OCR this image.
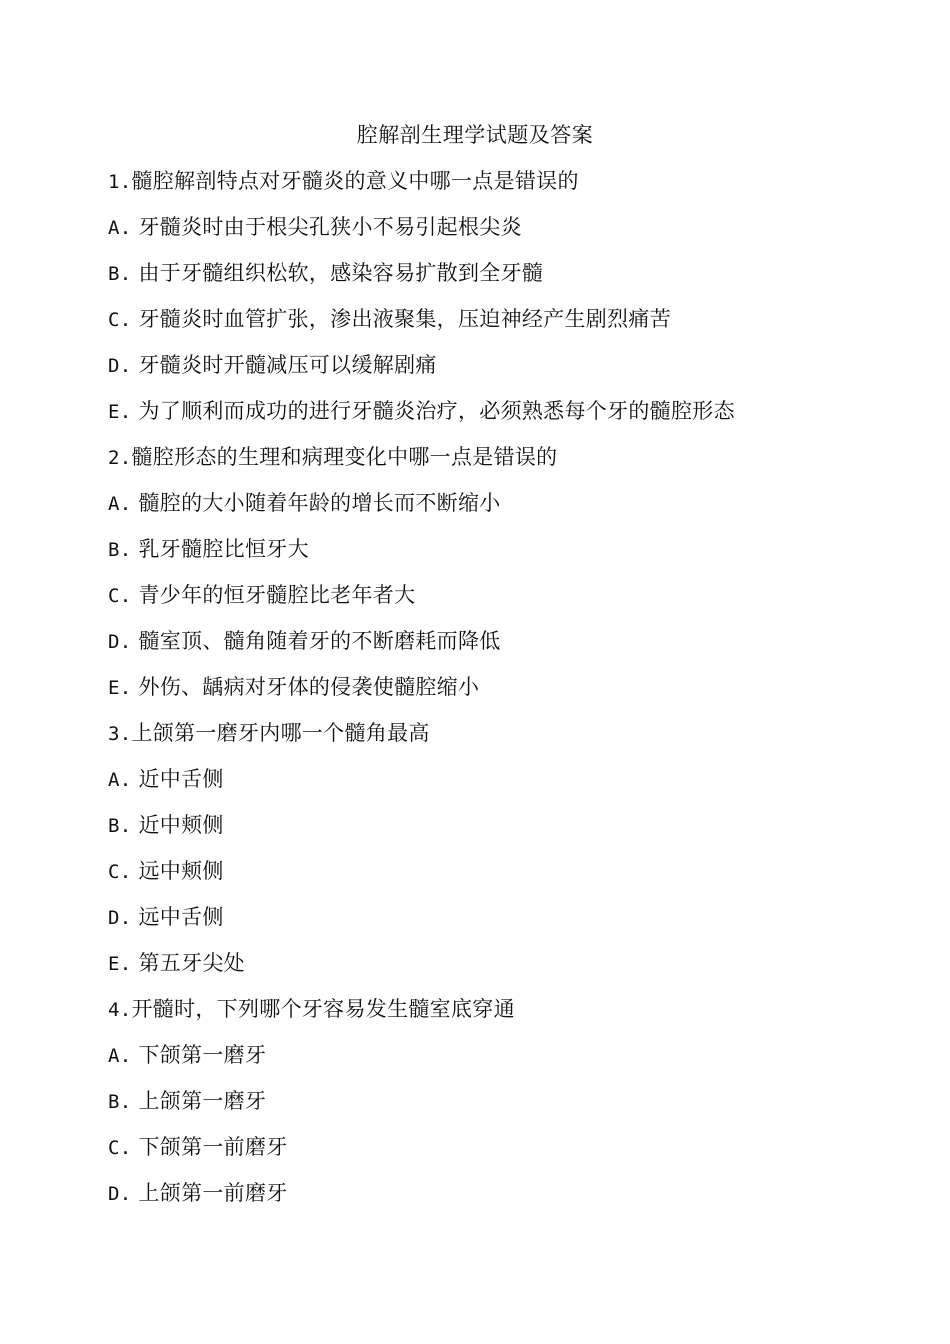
腔解剖生理学试题及答案
1.髓腔解剖特点对牙髓炎的意义中哪一点是错误的
A. 牙髓炎时由于根尖孔狭小不易引起根尖炎
B. 由于牙髓组织松软，感染容易扩散到全牙髓
C. 牙髓炎时血管扩张，渗出液聚集，压迫神经产生剧烈痛苦
D. 牙髓炎时开髓减压可以缓解剧痛
E. 为了顺利而成功的进行牙髓炎治疗，必须熟悉每个牙的髓腔形态
2.髓腔形态的生理和病理变化中哪一点是错误的
A. 髓腔的大小随着年龄的增长而不断缩小
B. 乳牙髓腔比恒牙大
C. 青少年的恒牙髓腔比老年者大
D. 髓室顶、髓角随着牙的不断磨耗而降低
E. 外伤、龋病对牙体的侵袭使髓腔缩小
3.上颌第一磨牙内哪一个髓角最高
A. 近中舌侧
B. 近中颊侧
C. 远中颊侧
D. 远中舌侧
E. 第五牙尖处
4.开髓时，下列哪个牙容易发生髓室底穿通
A. 下颌第一磨牙
B. 上颌第一磨牙
C. 下颌第一前磨牙
D. 上颌第一前磨牙
